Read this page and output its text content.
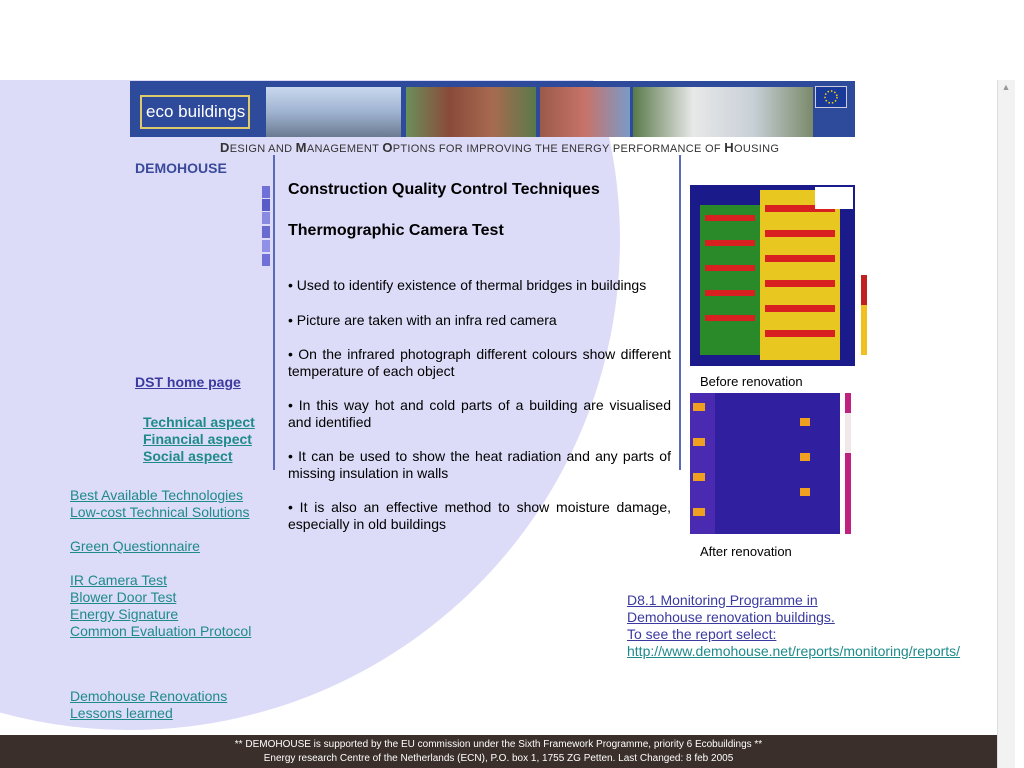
eco buildings
DESIGN AND MANAGEMENT OPTIONS FOR IMPROVING THE ENERGY PERFORMANCE OF HOUSING
DEMOHOUSE
DST home page
Technical aspect
Financial aspect
Social aspect
Best Available Technologies
Low-cost Technical Solutions
Green Questionnaire
IR Camera Test
Blower Door Test
Energy Signature
Common Evaluation Protocol
Demohouse Renovations
Lessons learned
Construction Quality Control Techniques
Thermographic Camera Test
• Used to identify existence of thermal bridges in buildings
• Picture are taken with an infra red camera
• On the infrared photograph different colours show different temperature of each object
• In this way hot and cold parts of a building are visualised and identified
• It can be used to show the heat radiation and any parts of missing insulation in walls
• It is also an effective method to show moisture damage, especially in old buildings
Before renovation
After renovation
D8.1 Monitoring Programme in
Demohouse renovation buildings.
To see the report select:
http://www.demohouse.net/reports/monitoring/reports/
** DEMOHOUSE is supported by the EU commission under the Sixth Framework Programme, priority 6 Ecobuildings **
Energy research Centre of the Netherlands (ECN), P.O. box 1, 1755 ZG Petten. Last Changed: 8 feb 2005
▲
